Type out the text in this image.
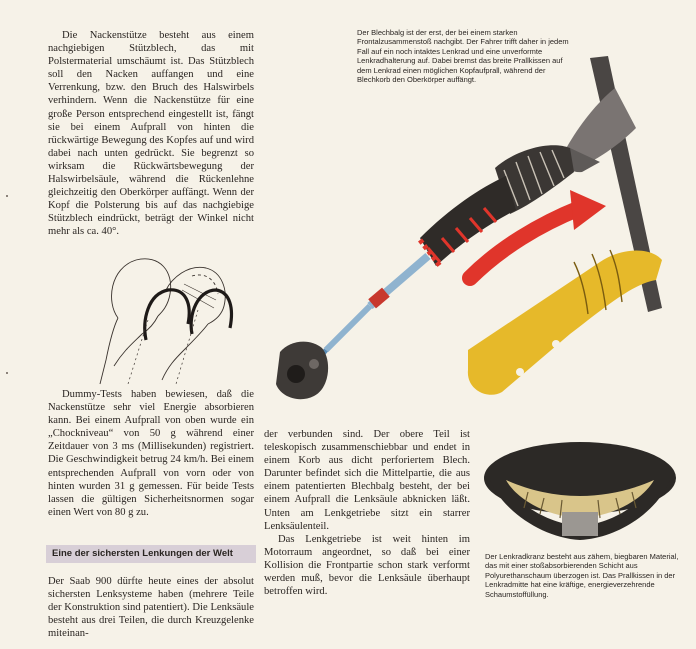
Die Nackenstütze besteht aus einem nachgiebigen Stützblech, das mit Polstermaterial umschäumt ist. Das Stützblech soll den Nacken auffangen und eine Verrenkung, bzw. den Bruch des Halswirbels verhindern. Wenn die Nackenstütze für eine große Person entsprechend eingestellt ist, fängt sie bei einem Aufprall von hinten die rückwärtige Bewegung des Kopfes auf und wird dabei nach unten gedrückt. Sie begrenzt so wirksam die Rückwärtsbewegung der Halswirbelsäule, während die Rückenlehne gleichzeitig den Oberkörper auffängt. Wenn der Kopf die Polsterung bis auf das nachgiebige Stützblech eindrückt, beträgt der Winkel nicht mehr als ca. 40°.

Dummy-Tests haben bewiesen, daß die Nackenstütze sehr viel Energie absorbieren kann. Bei einem Aufprall von oben wurde ein „Chockniveau“ von 50 g während einer Zeitdauer von 3 ms (Millisekunden) registriert. Die Geschwindigkeit betrug 24 km/h. Bei einem entsprechenden Aufprall von vorn oder von hinten wurden 31 g gemessen. Für beide Tests lassen die gültigen Sicherheitsnormen sogar einen Wert von 80 g zu.

Eine der sichersten Lenkungen der Welt

Der Saab 900 dürfte heute eines der absolut sichersten Lenksysteme haben (mehrere Teile der Konstruktion sind patentiert). Die Lenksäule besteht aus drei Teilen, die durch Kreuzgelenke miteinan-

der verbunden sind. Der obere Teil ist teleskopisch zusammenschiebbar und endet in einem Korb aus dicht perforiertem Blech. Darunter befindet sich die Mittelpartie, die aus einem patentierten Blechbalg besteht, der bei einem Aufprall die Lenksäule abknicken läßt. Unten am Lenkgetriebe sitzt ein starrer Lenksäulenteil.

Das Lenkgetriebe ist weit hinten im Motorraum angeordnet, so daß bei einer Kollision die Frontpartie schon stark verformt werden muß, bevor die Lenksäule überhaupt betroffen wird.

Der Blechbalg ist der erst, der bei einem starken Frontalzusammenstoß nachgibt. Der Fahrer trifft daher in jedem Fall auf ein noch intaktes Lenkrad und eine unverformte Lenkradhalterung auf. Dabei bremst das breite Prallkissen auf dem Lenkrad einen möglichen Kopfaufprall, während der Blechkorb den Oberkörper auffängt.

Der Lenkradkranz besteht aus zähem, biegbaren Material, das mit einer stoßabsorbierenden Schicht aus Polyurethanschaum überzogen ist. Das Prallkissen in der Lenkradmitte hat eine kräftige, energieverzehrende Schaumstoffüllung.
